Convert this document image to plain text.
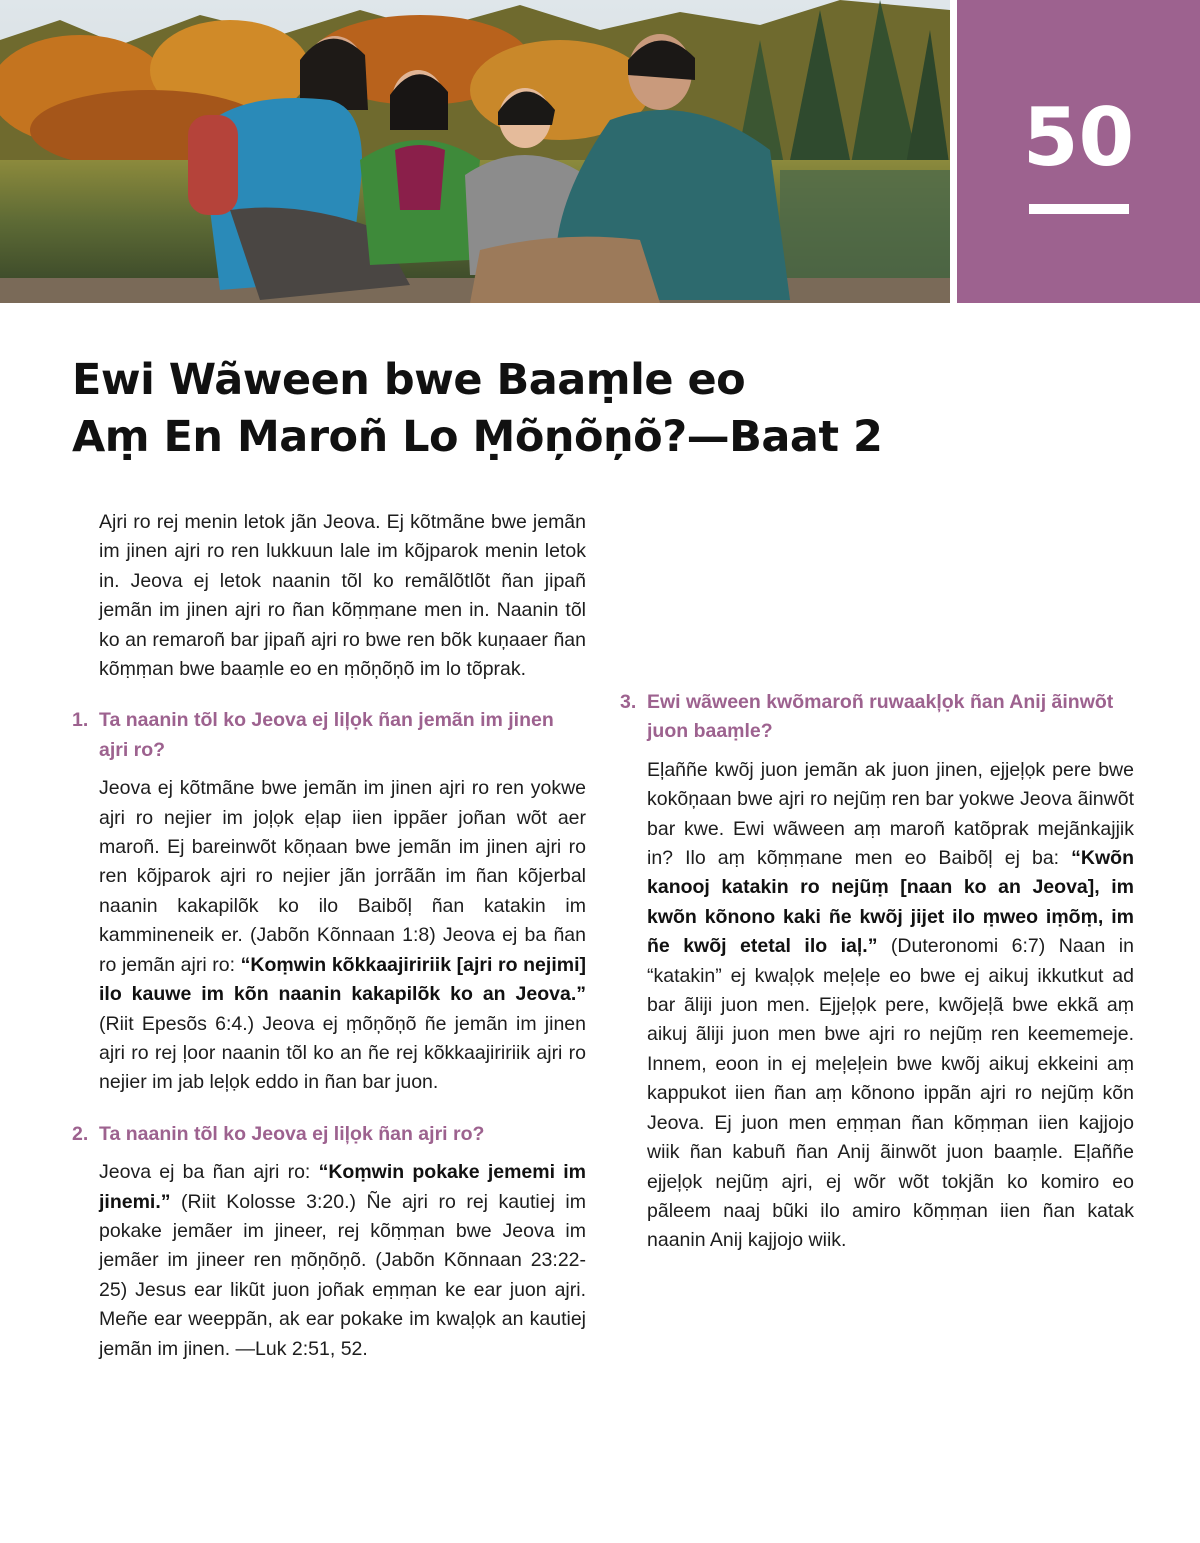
50
Ewi Wãween bwe Baaṃle eo
Aṃ En Maroñ Lo Ṃõņõņõ?—Baat 2

Ajri ro rej menin letok jãn Jeova. Ej kõtmãne bwe jemãn im jinen ajri ro ren lukkuun lale im kõjparok menin letok in. Jeova ej letok naanin tõl ko remãlõtlõt ñan jipañ jemãn im jinen ajri ro ñan kõṃṃane men in. Naanin tõl ko an remaroñ bar jipañ ajri ro bwe ren bõk kuņaaer ñan kõṃṃan bwe baaṃle eo en ṃõņõņõ im lo tõprak.

1. Ta naanin tõl ko Jeova ej liļọk ñan jemãn im jinen ajri ro?

Jeova ej kõtmãne bwe jemãn im jinen ajri ro ren yokwe ajri ro nejier im joļọk eļap iien ippãer joñan wõt aer maroñ. Ej bareinwõt kõņaan bwe jemãn im jinen ajri ro ren kõjparok ajri ro nejier jãn jorrããn im ñan kõjerbal naanin kakapilõk ko ilo Baibõļ ñan katakin im kammineneik er. (Jabõn Kõnnaan 1:8) Jeova ej ba ñan ro jemãn ajri ro: “Koṃwin kõkkaajiririik [ajri ro nejimi] ilo kauwe im kõn naanin kakapilõk ko an Jeova.” (Riit Epesõs 6:4.) Jeova ej ṃõņõņõ ñe jemãn im jinen ajri ro rej ļoor naanin tõl ko an ñe rej kõkkaajiririik ajri ro nejier im jab leļọk eddo in ñan bar juon.

2. Ta naanin tõl ko Jeova ej liļọk ñan ajri ro?

Jeova ej ba ñan ajri ro: “Koṃwin pokake jememi im jinemi.” (Riit Kolosse 3:20.) Ñe ajri ro rej kautiej im pokake jemãer im jineer, rej kõṃṃan bwe Jeova im jemãer im jineer ren ṃõņõņõ. (Jabõn Kõnnaan 23:22-25) Jesus ear likũt juon joñak eṃṃan ke ear juon ajri. Meñe ear weeppãn, ak ear pokake im kwaļọk an kautiej jemãn im jinen. —Luk 2:51, 52.

3. Ewi wãween kwõmaroñ ruwaakļọk ñan Anij ãinwõt juon baaṃle?

Eļaññe kwõj juon jemãn ak juon jinen, ejjeļọk pere bwe kokõņaan bwe ajri ro nejũṃ ren bar yokwe Jeova ãinwõt bar kwe. Ewi wãween aṃ maroñ katõprak mejãnkajjik in? Ilo aṃ kõṃṃane men eo Baibõļ ej ba: “Kwõn kanooj katakin ro nejũṃ [naan ko an Jeova], im kwõn kõnono kaki ñe kwõj jijet ilo ṃweo iṃõṃ, im ñe kwõj etetal ilo iaļ.” (Duteronomi 6:7) Naan in “katakin” ej kwaļọk meļeļe eo bwe ej aikuj ikkutkut ad bar ãliji juon men. Ejjeļọk pere, kwõjeļã bwe ekkã aṃ aikuj ãliji juon men bwe ajri ro nejũṃ ren keememeje. Innem, eoon in ej meļeļein bwe kwõj aikuj ekkeini aṃ kappukot iien ñan aṃ kõnono ippãn ajri ro nejũṃ kõn Jeova. Ej juon men eṃṃan ñan kõṃṃan iien kajjojo wiik ñan kabuñ ñan Anij ãinwõt juon baaṃle. Eļaññe ejjeļọk nejũṃ ajri, ej wõr wõt tokjãn ko komiro eo pãleem naaj bũki ilo amiro kõṃṃan iien ñan katak naanin Anij kajjojo wiik.
